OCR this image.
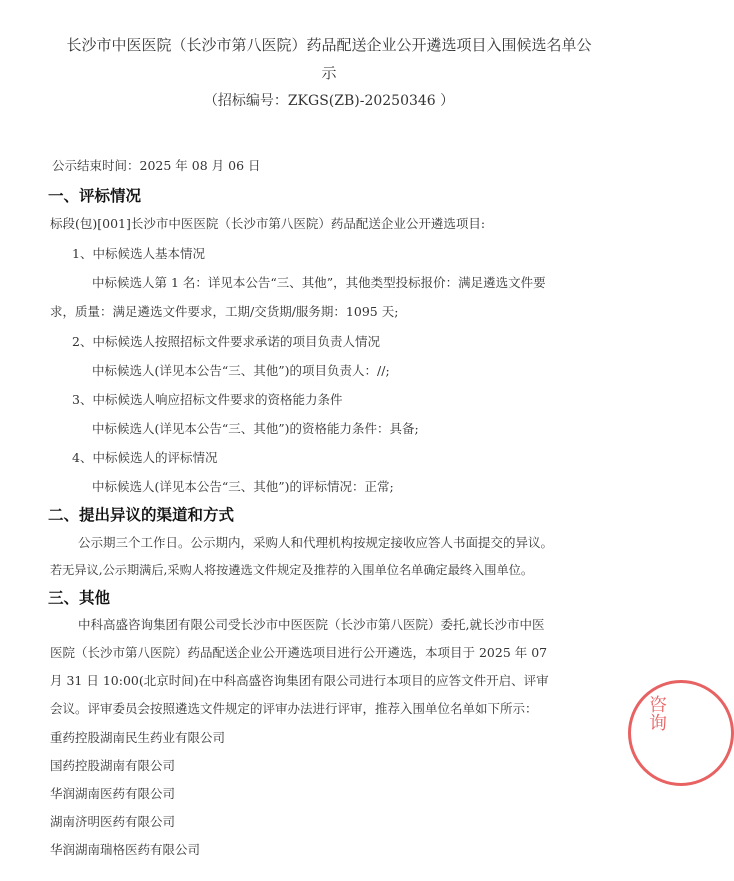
长沙市中医医院（长沙市第八医院）药品配送企业公开遴选项目入围候选名单公
示
（招标编号：ZKGS(ZB)-20250346 ）
公示结束时间：2025 年 08 月 06 日
一、评标情况
标段(包)[001]长沙市中医医院（长沙市第八医院）药品配送企业公开遴选项目:
1、中标候选人基本情况
中标候选人第 1 名：详见本公告“三、其他”，其他类型投标报价：满足遴选文件要
求，质量：满足遴选文件要求，工期/交货期/服务期：1095 天;
2、中标候选人按照招标文件要求承诺的项目负责人情况
中标候选人(详见本公告“三、其他”)的项目负责人：//;
3、中标候选人响应招标文件要求的资格能力条件
中标候选人(详见本公告“三、其他”)的资格能力条件：具备;
4、中标候选人的评标情况
中标候选人(详见本公告“三、其他”)的评标情况：正常;
二、提出异议的渠道和方式
公示期三个工作日。公示期内，采购人和代理机构按规定接收应答人书面提交的异议。
若无异议,公示期满后,采购人将按遴选文件规定及推荐的入围单位名单确定最终入围单位。
三、其他
中科高盛咨询集团有限公司受长沙市中医医院（长沙市第八医院）委托,就长沙市中医
医院（长沙市第八医院）药品配送企业公开遴选项目进行公开遴选，本项目于 2025 年 07
月 31 日 10:00(北京时间)在中科高盛咨询集团有限公司进行本项目的应答文件开启、评审
会议。评审委员会按照遴选文件规定的评审办法进行评审，推荐入围单位名单如下所示：
重药控股湖南民生药业有限公司
国药控股湖南有限公司
华润湖南医药有限公司
湖南济明医药有限公司
华润湖南瑞格医药有限公司
咨询
